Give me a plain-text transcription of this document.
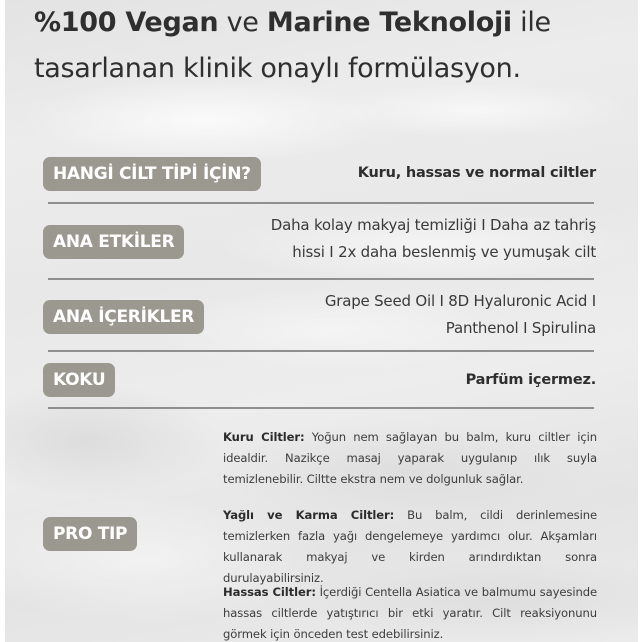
%100 Vegan ve Marine Teknoloji ile
tasarlanan klinik onaylı formülasyon.
HANGİ CİLT TİPİ İÇİN?	Kuru, hassas ve normal ciltler
ANA ETKİLER
Daha kolay makyaj temizliği I Daha az tahriş
hissi I 2x daha beslenmiş ve yumuşak cilt
ANA İÇERİKLER
Grape Seed Oil I 8D Hyaluronic Acid I
Panthenol I Spirulina
KOKU	Parfüm içermez.
PRO TIP

Kuru Ciltler: Yoğun nem sağlayan bu balm, kuru ciltler için idealdir. Nazikçe masaj yaparak uygulanıp ılık suyla temizlenebilir. Ciltte ekstra nem ve dolgunluk sağlar.

Yağlı ve Karma Ciltler: Bu balm, cildi derinlemesine temizlerken fazla yağı dengelemeye yardımcı olur. Akşamları kullanarak makyaj ve kirden arındırdıktan sonra durulayabilirsiniz.

Hassas Ciltler: İçerdiği Centella Asiatica ve balmumu sayesinde hassas ciltlerde yatıştırıcı bir etki yaratır. Cilt reaksiyonunu görmek için önceden test edebilirsiniz.
